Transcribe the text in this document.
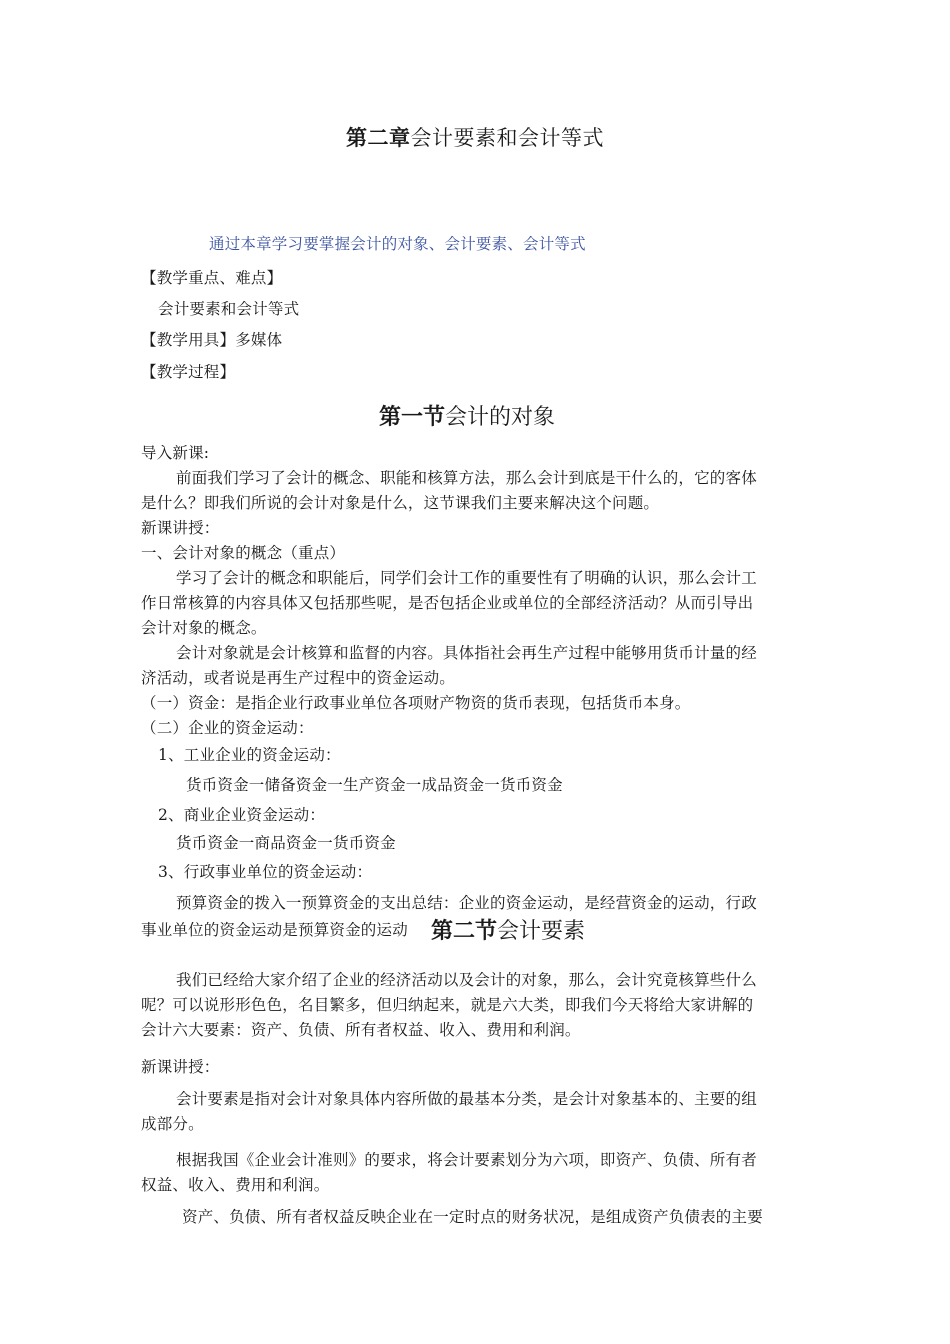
第二章会计要素和会计等式
通过本章学习要掌握会计的对象、会计要素、会计等式
【教学重点、难点】
会计要素和会计等式
【教学用具】多媒体
【教学过程】
第一节会计的对象
导入新课:
前面我们学习了会计的概念、职能和核算方法，那么会计到底是干什么的，它的客体
是什么？即我们所说的会计对象是什么，这节课我们主要来解决这个问题。
新课讲授：
一、会计对象的概念（重点）
学习了会计的概念和职能后，同学们会计工作的重要性有了明确的认识，那么会计工
作日常核算的内容具体又包括那些呢，是否包括企业或单位的全部经济活动？从而引导出
会计对象的概念。
会计对象就是会计核算和监督的内容。具体指社会再生产过程中能够用货币计量的经
济活动，或者说是再生产过程中的资金运动。
（一）资金：是指企业行政事业单位各项财产物资的货币表现，包括货币本身。
（二）企业的资金运动：
1、工业企业的资金运动：
货币资金一储备资金一生产资金一成品资金一货币资金
2、商业企业资金运动：
货币资金一商品资金一货币资金
3、行政事业单位的资金运动：
预算资金的拨入一预算资金的支出总结：企业的资金运动，是经营资金的运动，行政
事业单位的资金运动是预算资金的运动 第二节会计要素
我们已经给大家介绍了企业的经济活动以及会计的对象，那么，会计究竟核算些什么
呢？可以说形形色色，名目繁多，但归纳起来，就是六大类，即我们今天将给大家讲解的
会计六大要素：资产、负债、所有者权益、收入、费用和利润。
新课讲授：
会计要素是指对会计对象具体内容所做的最基本分类，是会计对象基本的、主要的组
成部分。
根据我国《企业会计准则》的要求，将会计要素划分为六项，即资产、负债、所有者
权益、收入、费用和利润。
资产、负债、所有者权益反映企业在一定时点的财务状况，是组成资产负债表的主要
